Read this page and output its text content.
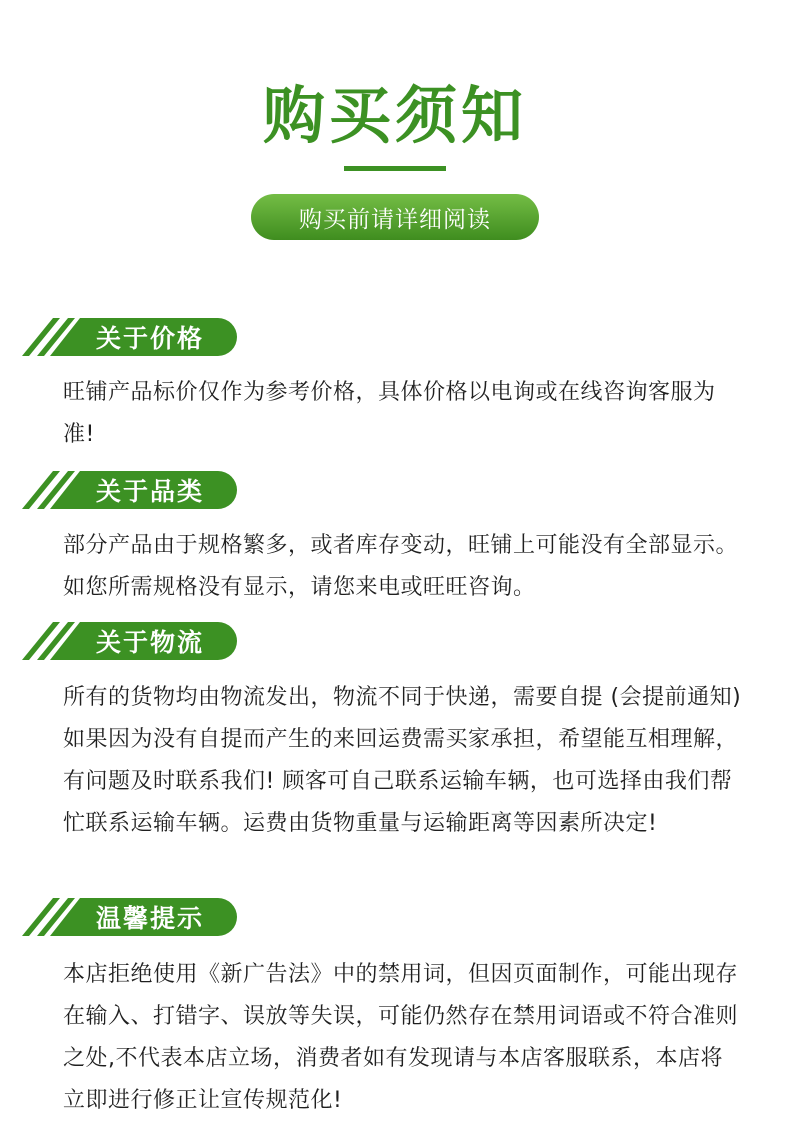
购买须知
购买前请详细阅读
关于价格
旺铺产品标价仅作为参考价格，具体价格以电询或在线咨询客服为准!
关于品类
部分产品由于规格繁多，或者库存变动，旺铺上可能没有全部显示。如您所需规格没有显示，请您来电或旺旺咨询。
关于物流
所有的货物均由物流发出，物流不同于快递，需要自提 (会提前通知)如果因为没有自提而产生的来回运费需买家承担，希望能互相理解，有问题及时联系我们! 顾客可自己联系运输车辆，也可选择由我们帮忙联系运输车辆。运费由货物重量与运输距离等因素所决定!
温馨提示
本店拒绝使用《新广告法》中的禁用词，但因页面制作，可能出现存在输入、打错字、误放等失误，可能仍然存在禁用词语或不符合准则之处,不代表本店立场，消费者如有发现请与本店客服联系，本店将立即进行修正让宣传规范化!
